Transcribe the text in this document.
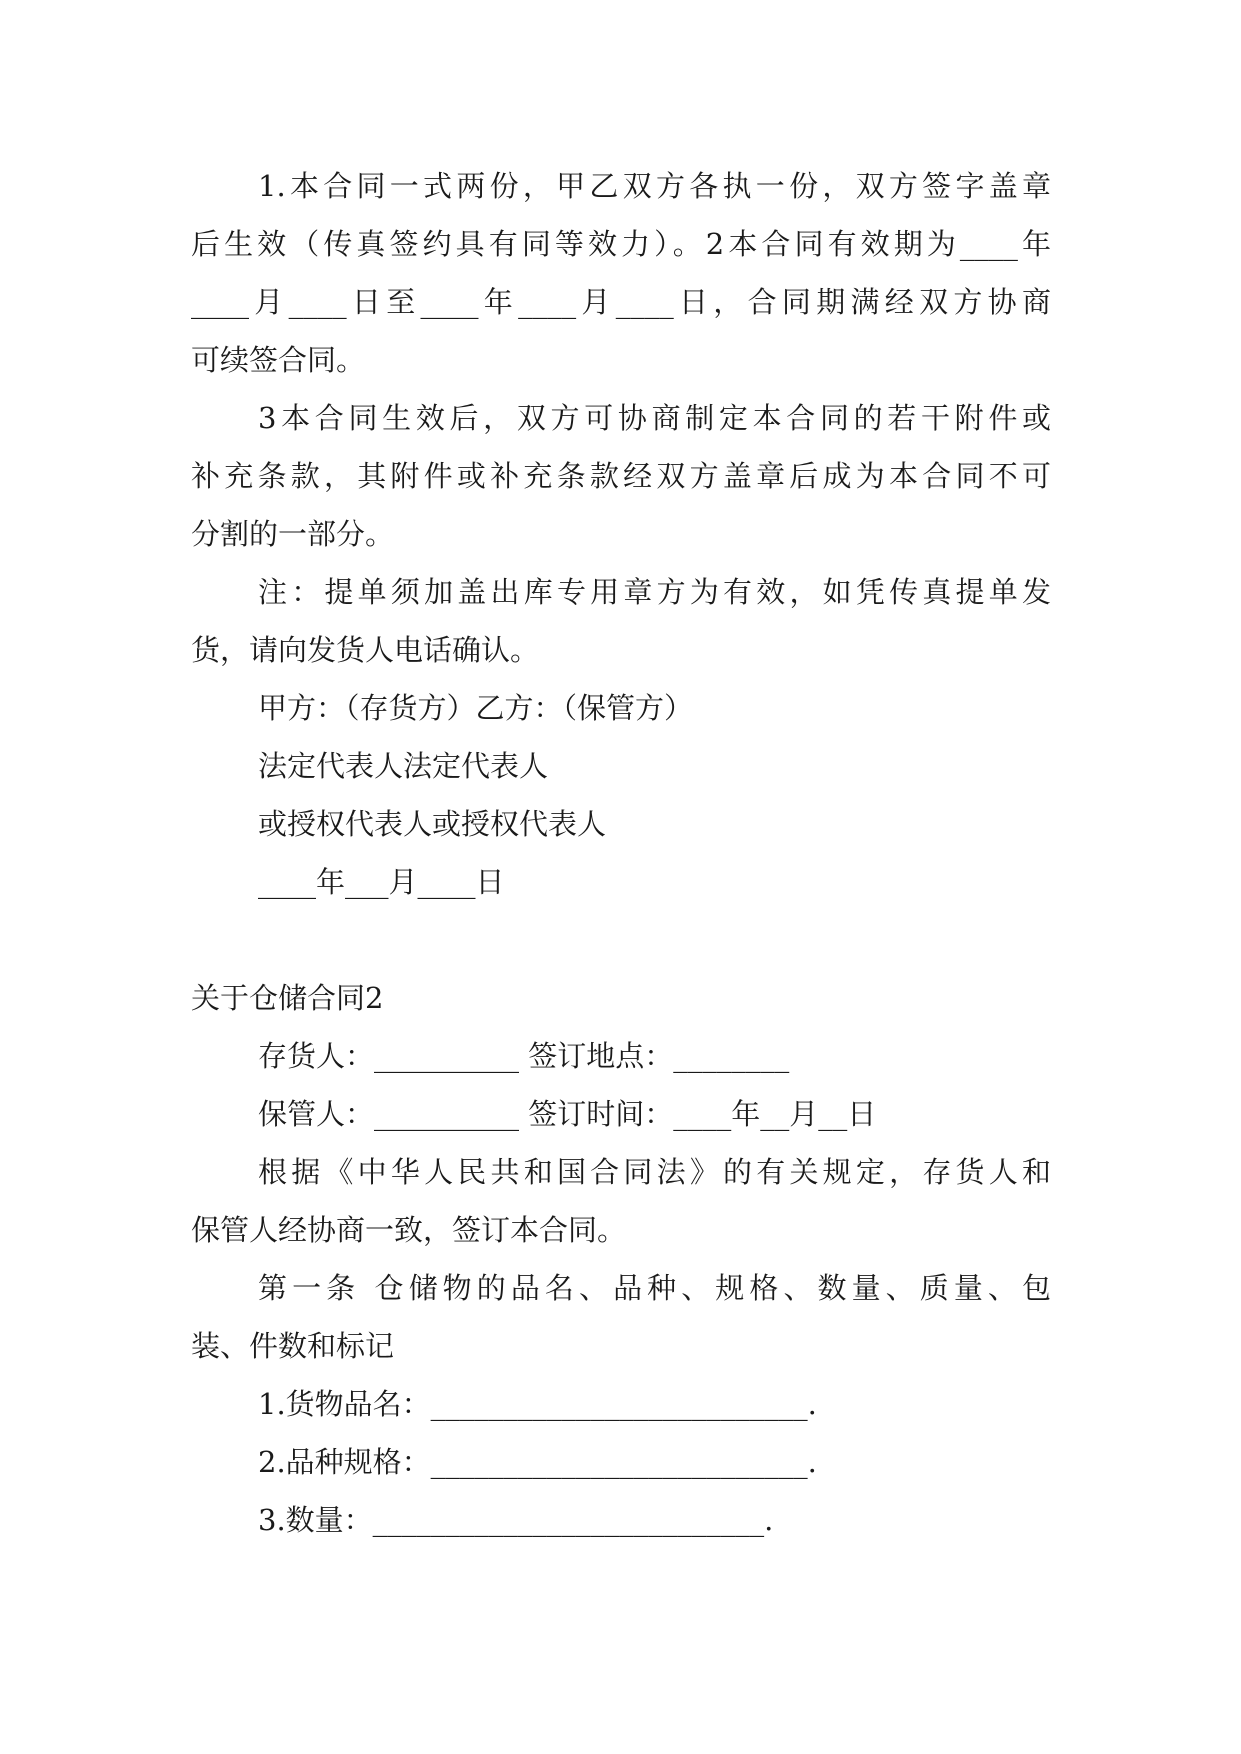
1.本合同一式两份，甲乙双方各执一份，双方签字盖章
后生效（传真签约具有同等效力）。2本合同有效期为____年
____月____日至____年____月____日，合同期满经双方协商
可续签合同。
3本合同生效后，双方可协商制定本合同的若干附件或
补充条款，其附件或补充条款经双方盖章后成为本合同不可
分割的一部分。
注：提单须加盖出库专用章方为有效，如凭传真提单发
货，请向发货人电话确认。
甲方：（存货方）乙方：（保管方）
法定代表人法定代表人
或授权代表人或授权代表人
____年___月____日
关于仓储合同2
存货人：__________ 签订地点：________
保管人：__________ 签订时间：____年__月__日
根据《中华人民共和国合同法》的有关规定，存货人和
保管人经协商一致，签订本合同。
第一条 仓储物的品名、品种、规格、数量、质量、包
装、件数和标记
1.货物品名：__________________________.
2.品种规格：__________________________.
3.数量：___________________________.
